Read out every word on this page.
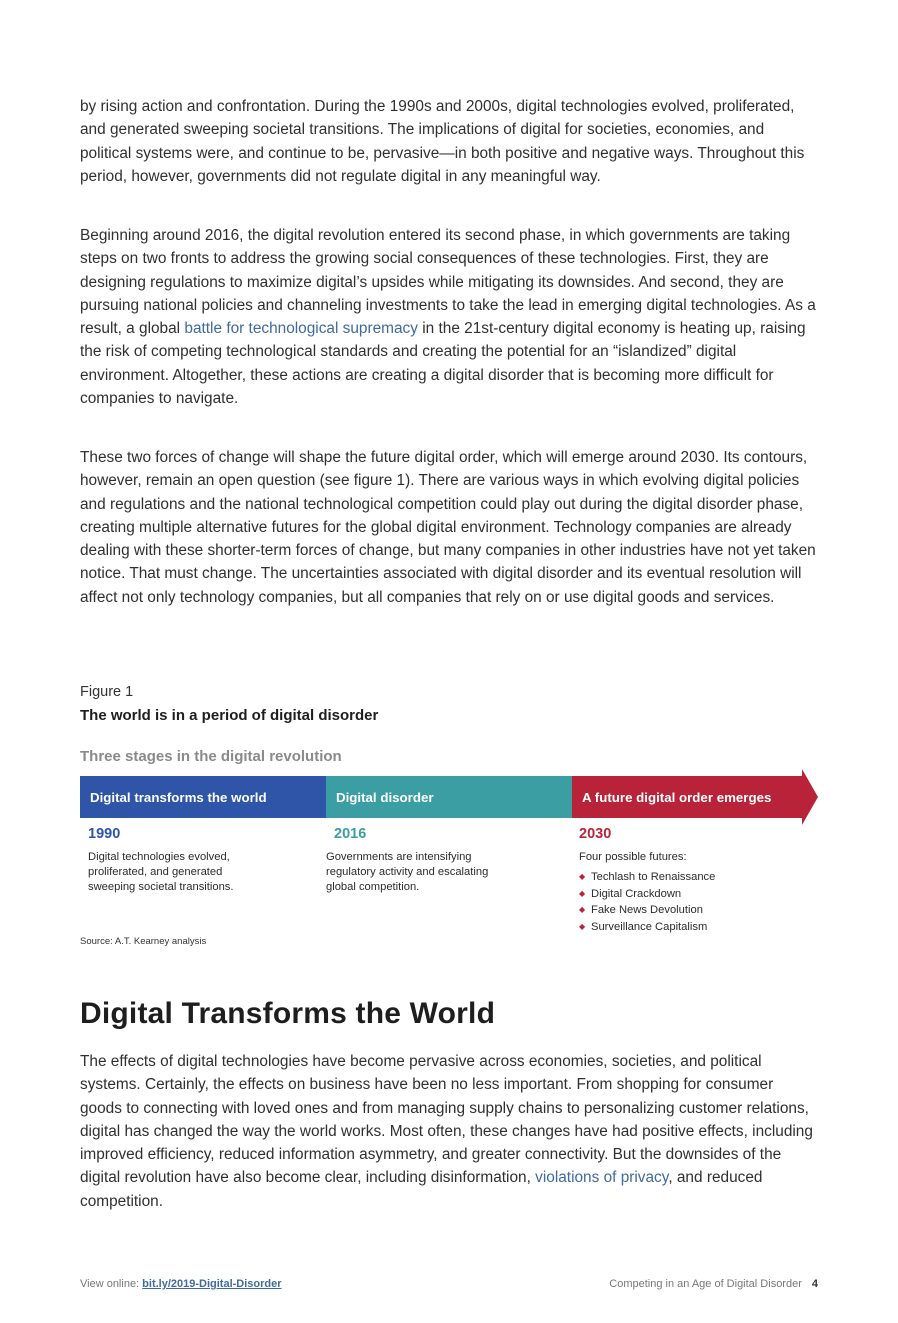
by rising action and confrontation. During the 1990s and 2000s, digital technologies evolved, proliferated, and generated sweeping societal transitions. The implications of digital for societies, economies, and political systems were, and continue to be, pervasive—in both positive and negative ways. Throughout this period, however, governments did not regulate digital in any meaningful way.

Beginning around 2016, the digital revolution entered its second phase, in which governments are taking steps on two fronts to address the growing social consequences of these technologies. First, they are designing regulations to maximize digital’s upsides while mitigating its downsides. And second, they are pursuing national policies and channeling investments to take the lead in emerging digital technologies. As a result, a global battle for technological supremacy in the 21st-century digital economy is heating up, raising the risk of competing technological standards and creating the potential for an “islandized” digital environment. Altogether, these actions are creating a digital disorder that is becoming more difficult for companies to navigate.

These two forces of change will shape the future digital order, which will emerge around 2030. Its contours, however, remain an open question (see figure 1). There are various ways in which evolving digital policies and regulations and the national technological competition could play out during the digital disorder phase, creating multiple alternative futures for the global digital environment. Technology companies are already dealing with these shorter-term forces of change, but many companies in other industries have not yet taken notice. That must change. The uncertainties associated with digital disorder and its eventual resolution will affect not only technology companies, but all companies that rely on or use digital goods and services.

Figure 1
The world is in a period of digital disorder
Three stages in the digital revolution
Digital transforms the world	Digital disorder	A future digital order emerges
1990	2016	2030
Digital technologies evolved, proliferated, and generated sweeping societal transitions.
Governments are intensifying regulatory activity and escalating global competition.
Four possible futures:
◆ Techlash to Renaissance
◆ Digital Crackdown
◆ Fake News Devolution
◆ Surveillance Capitalism
Source: A.T. Kearney analysis
Digital Transforms the World

The effects of digital technologies have become pervasive across economies, societies, and political systems. Certainly, the effects on business have been no less important. From shopping for consumer goods to connecting with loved ones and from managing supply chains to personalizing customer relations, digital has changed the way the world works. Most often, these changes have had positive effects, including improved efficiency, reduced information asymmetry, and greater connectivity. But the downsides of the digital revolution have also become clear, including disinformation, violations of privacy, and reduced competition.

View online: bit.ly/2019-Digital-Disorder	Competing in an Age of Digital Disorder 4
